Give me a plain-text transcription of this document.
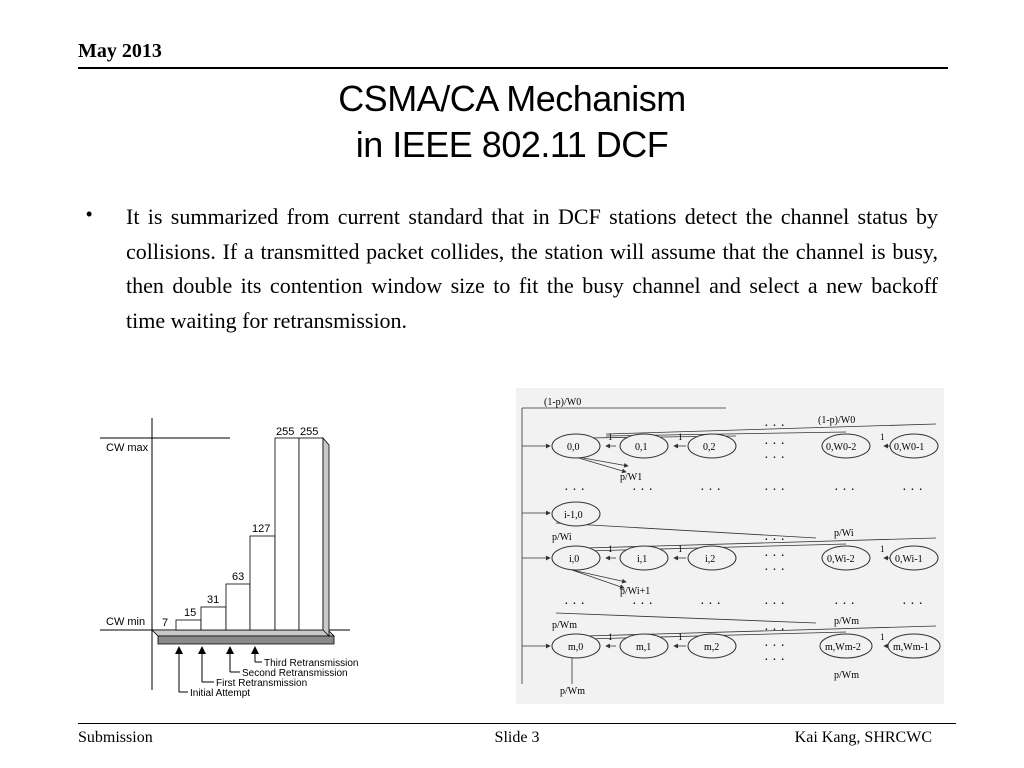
May 2013
CSMA/CA Mechanism
in IEEE 802.11 DCF
• It is summarized from current standard that in DCF stations detect the channel status by collisions. If a transmitted packet collides, the station will assume that the channel is busy, then double its contention window size to fit the busy channel and select a new backoff time waiting for retransmission.
CW max
CW min 7
15
31
63
127
255 255
Third Retransmission
Second Retransmission
First Retransmission
Initial Attempt
0,0	0,1	0,2	0,W0-2	0,W0-1
i-1,0
i,0	i,1	i,2	0,Wi-2	0,Wi-1
m,0	m,1	m,2	m,Wm-2	m,Wm-1
1	1	1
1	1	1
1	1	1
(1-p)/W0
(1-p)/W0
p/W1
p/Wi	p/Wi
p/Wi+1
p/Wm	p/Wm
p/Wm
p/Wm
· · ·
· · ·
· · ·
· · ·	· · ·	· · ·	· · ·	· · ·	· · ·
· · ·
· · ·
· · ·
· · ·	· · ·	· · ·	· · ·	· · ·	· · ·
· · ·
· · ·
· · ·
Submission	Slide 3	Kai Kang, SHRCWC
